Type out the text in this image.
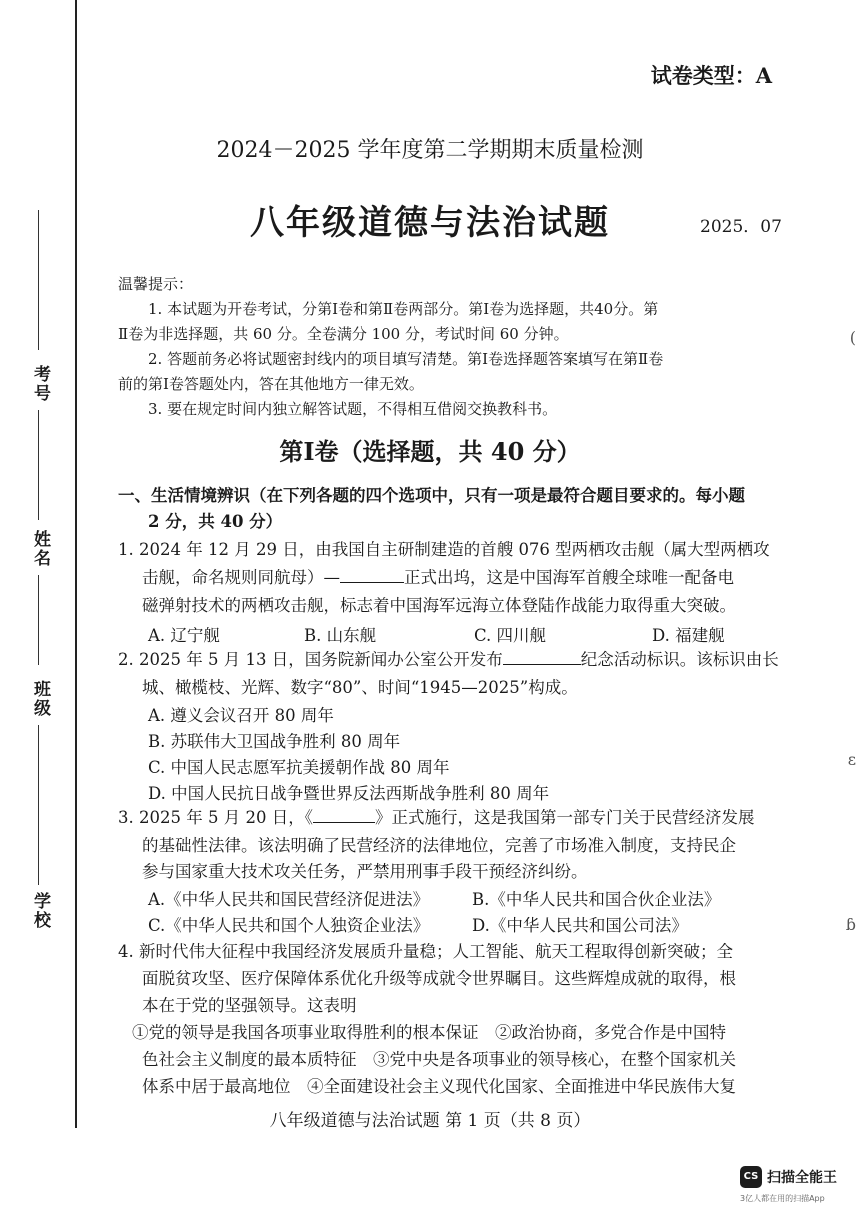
考号
姓名
班级
学校
(
ɛ
ɓ
试卷类型：A
2024－2025 学年度第二学期期末质量检测
八年级道德与法治试题	2025．07
温馨提示：
1. 本试题为开卷考试，分第Ⅰ卷和第Ⅱ卷两部分。第Ⅰ卷为选择题，共40分。第
Ⅱ卷为非选择题，共 60 分。全卷满分 100 分，考试时间 60 分钟。
2. 答题前务必将试题密封线内的项目填写清楚。第Ⅰ卷选择题答案填写在第Ⅱ卷
前的第Ⅰ卷答题处内，答在其他地方一律无效。
3. 要在规定时间内独立解答试题，不得相互借阅交换教科书。
第Ⅰ卷（选择题，共 40 分）
一、生活情境辨识（在下列各题的四个选项中，只有一项是最符合题目要求的。每小题
2 分，共 40 分）
1. 2024 年 12 月 29 日，由我国自主研制建造的首艘 076 型两栖攻击舰（属大型两栖攻
击舰，命名规则同航母）—	正式出坞，这是中国海军首艘全球唯一配备电
磁弹射技术的两栖攻击舰，标志着中国海军远海立体登陆作战能力取得重大突破。
A. 辽宁舰	B. 山东舰	C. 四川舰	D. 福建舰
2. 2025 年 5 月 13 日，国务院新闻办公室公开发布	纪念活动标识。该标识由长
城、橄榄枝、光辉、数字“80”、时间“1945—2025”构成。
A. 遵义会议召开 80 周年
B. 苏联伟大卫国战争胜利 80 周年
C. 中国人民志愿军抗美援朝作战 80 周年
D. 中国人民抗日战争暨世界反法西斯战争胜利 80 周年
3. 2025 年 5 月 20 日，《	》正式施行，这是我国第一部专门关于民营经济发展
的基础性法律。该法明确了民营经济的法律地位，完善了市场准入制度，支持民企
参与国家重大技术攻关任务，严禁用刑事手段干预经济纠纷。
A.《中华人民共和国民营经济促进法》	B.《中华人民共和国合伙企业法》
C.《中华人民共和国个人独资企业法》	D.《中华人民共和国公司法》
4. 新时代伟大征程中我国经济发展质升量稳；人工智能、航天工程取得创新突破；全
面脱贫攻坚、医疗保障体系优化升级等成就令世界瞩目。这些辉煌成就的取得，根
本在于党的坚强领导。这表明
①党的领导是我国各项事业取得胜利的根本保证　②政治协商，多党合作是中国特
色社会主义制度的最本质特征　③党中央是各项事业的领导核心，在整个国家机关
体系中居于最高地位　④全面建设社会主义现代化国家、全面推进中华民族伟大复
八年级道德与法治试题 第 1 页（共 8 页）
CS 扫描全能王
3亿人都在用的扫描App
